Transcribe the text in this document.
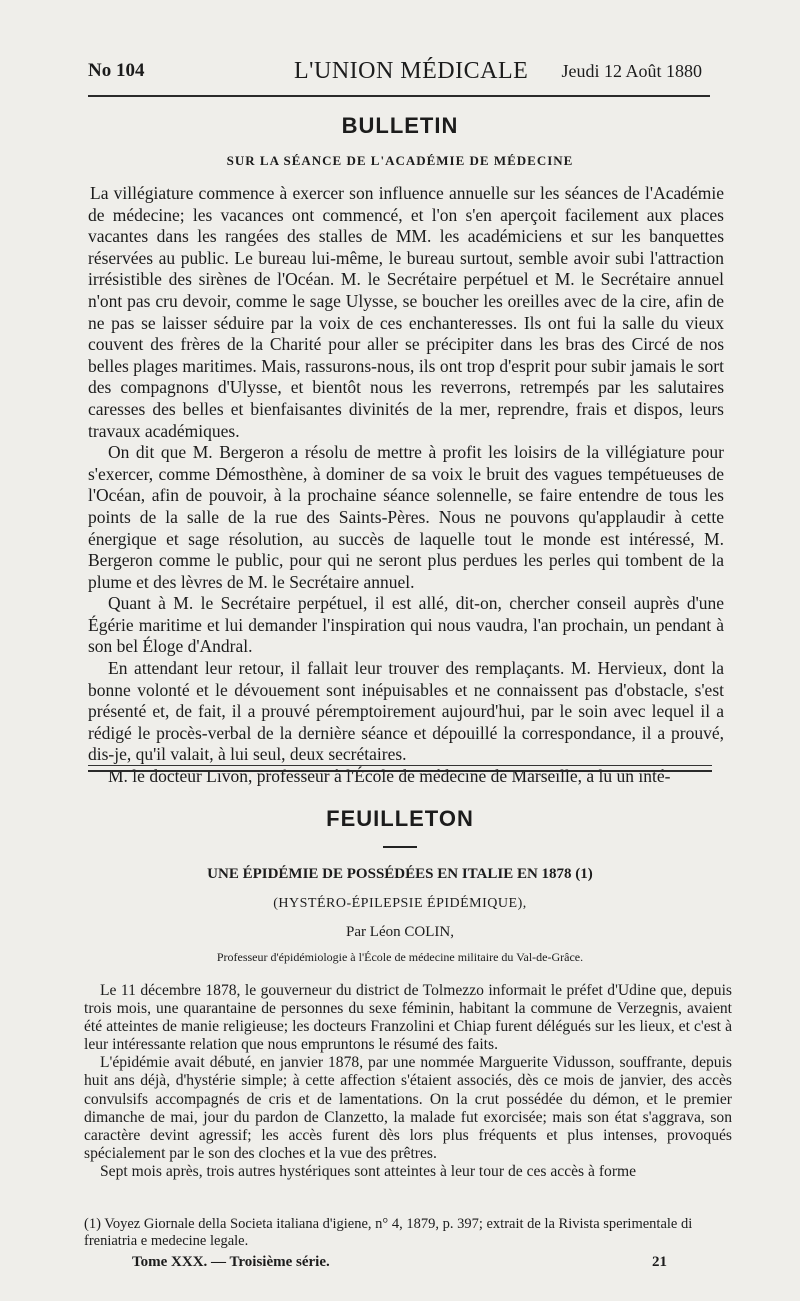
No 104	L'UNION MÉDICALE Jeudi 12 Août 1880
BULLETIN
SUR LA SÉANCE DE L'ACADÉMIE DE MÉDECINE

La villégiature commence à exercer son influence annuelle sur les séances de l'Académie de médecine; les vacances ont commencé, et l'on s'en aperçoit facilement aux places vacantes dans les rangées des stalles de MM. les académiciens et sur les banquettes réservées au public. Le bureau lui-même, le bureau surtout, semble avoir subi l'attraction irrésistible des sirènes de l'Océan. M. le Secrétaire perpétuel et M. le Secrétaire annuel n'ont pas cru devoir, comme le sage Ulysse, se boucher les oreilles avec de la cire, afin de ne pas se laisser séduire par la voix de ces enchanteresses. Ils ont fui la salle du vieux couvent des frères de la Charité pour aller se précipiter dans les bras des Circé de nos belles plages maritimes. Mais, rassurons-nous, ils ont trop d'esprit pour subir jamais le sort des compagnons d'Ulysse, et bientôt nous les reverrons, retrempés par les salutaires caresses des belles et bienfaisantes divinités de la mer, reprendre, frais et dispos, leurs travaux académiques.

On dit que M. Bergeron a résolu de mettre à profit les loisirs de la villégiature pour s'exercer, comme Démosthène, à dominer de sa voix le bruit des vagues tempétueuses de l'Océan, afin de pouvoir, à la prochaine séance solennelle, se faire entendre de tous les points de la salle de la rue des Saints-Pères. Nous ne pouvons qu'applaudir à cette énergique et sage résolution, au succès de laquelle tout le monde est intéressé, M. Bergeron comme le public, pour qui ne seront plus perdues les perles qui tombent de la plume et des lèvres de M. le Secrétaire annuel.

Quant à M. le Secrétaire perpétuel, il est allé, dit-on, chercher conseil auprès d'une Égérie maritime et lui demander l'inspiration qui nous vaudra, l'an prochain, un pendant à son bel Éloge d'Andral.

En attendant leur retour, il fallait leur trouver des remplaçants. M. Hervieux, dont la bonne volonté et le dévouement sont inépuisables et ne connaissent pas d'obstacle, s'est présenté et, de fait, il a prouvé péremptoirement aujourd'hui, par le soin avec lequel il a rédigé le procès-verbal de la dernière séance et dépouillé la correspondance, il a prouvé, dis-je, qu'il valait, à lui seul, deux secrétaires.

M. le docteur Livon, professeur à l'École de médecine de Marseille, a lu un inté-

FEUILLETON
UNE ÉPIDÉMIE DE POSSÉDÉES EN ITALIE EN 1878 (1)
(HYSTÉRO-ÉPILEPSIE ÉPIDÉMIQUE),
Par Léon COLIN,
Professeur d'épidémiologie à l'École de médecine militaire du Val-de-Grâce.

Le 11 décembre 1878, le gouverneur du district de Tolmezzo informait le préfet d'Udine que, depuis trois mois, une quarantaine de personnes du sexe féminin, habitant la commune de Verzegnis, avaient été atteintes de manie religieuse; les docteurs Franzolini et Chiap furent délégués sur les lieux, et c'est à leur intéressante relation que nous empruntons le résumé des faits.

L'épidémie avait débuté, en janvier 1878, par une nommée Marguerite Vidusson, souffrante, depuis huit ans déjà, d'hystérie simple; à cette affection s'étaient associés, dès ce mois de janvier, des accès convulsifs accompagnés de cris et de lamentations. On la crut possédée du démon, et le premier dimanche de mai, jour du pardon de Clanzetto, la malade fut exorcisée; mais son état s'aggrava, son caractère devint agressif; les accès furent dès lors plus fréquents et plus intenses, provoqués spécialement par le son des cloches et la vue des prêtres.

Sept mois après, trois autres hystériques sont atteintes à leur tour de ces accès à forme

(1) Voyez Giornale della Societa italiana d'igiene, n° 4, 1879, p. 397; extrait de la Rivista sperimentale di freniatria e medecine legale.
Tome XXX. — Troisième série.	21
